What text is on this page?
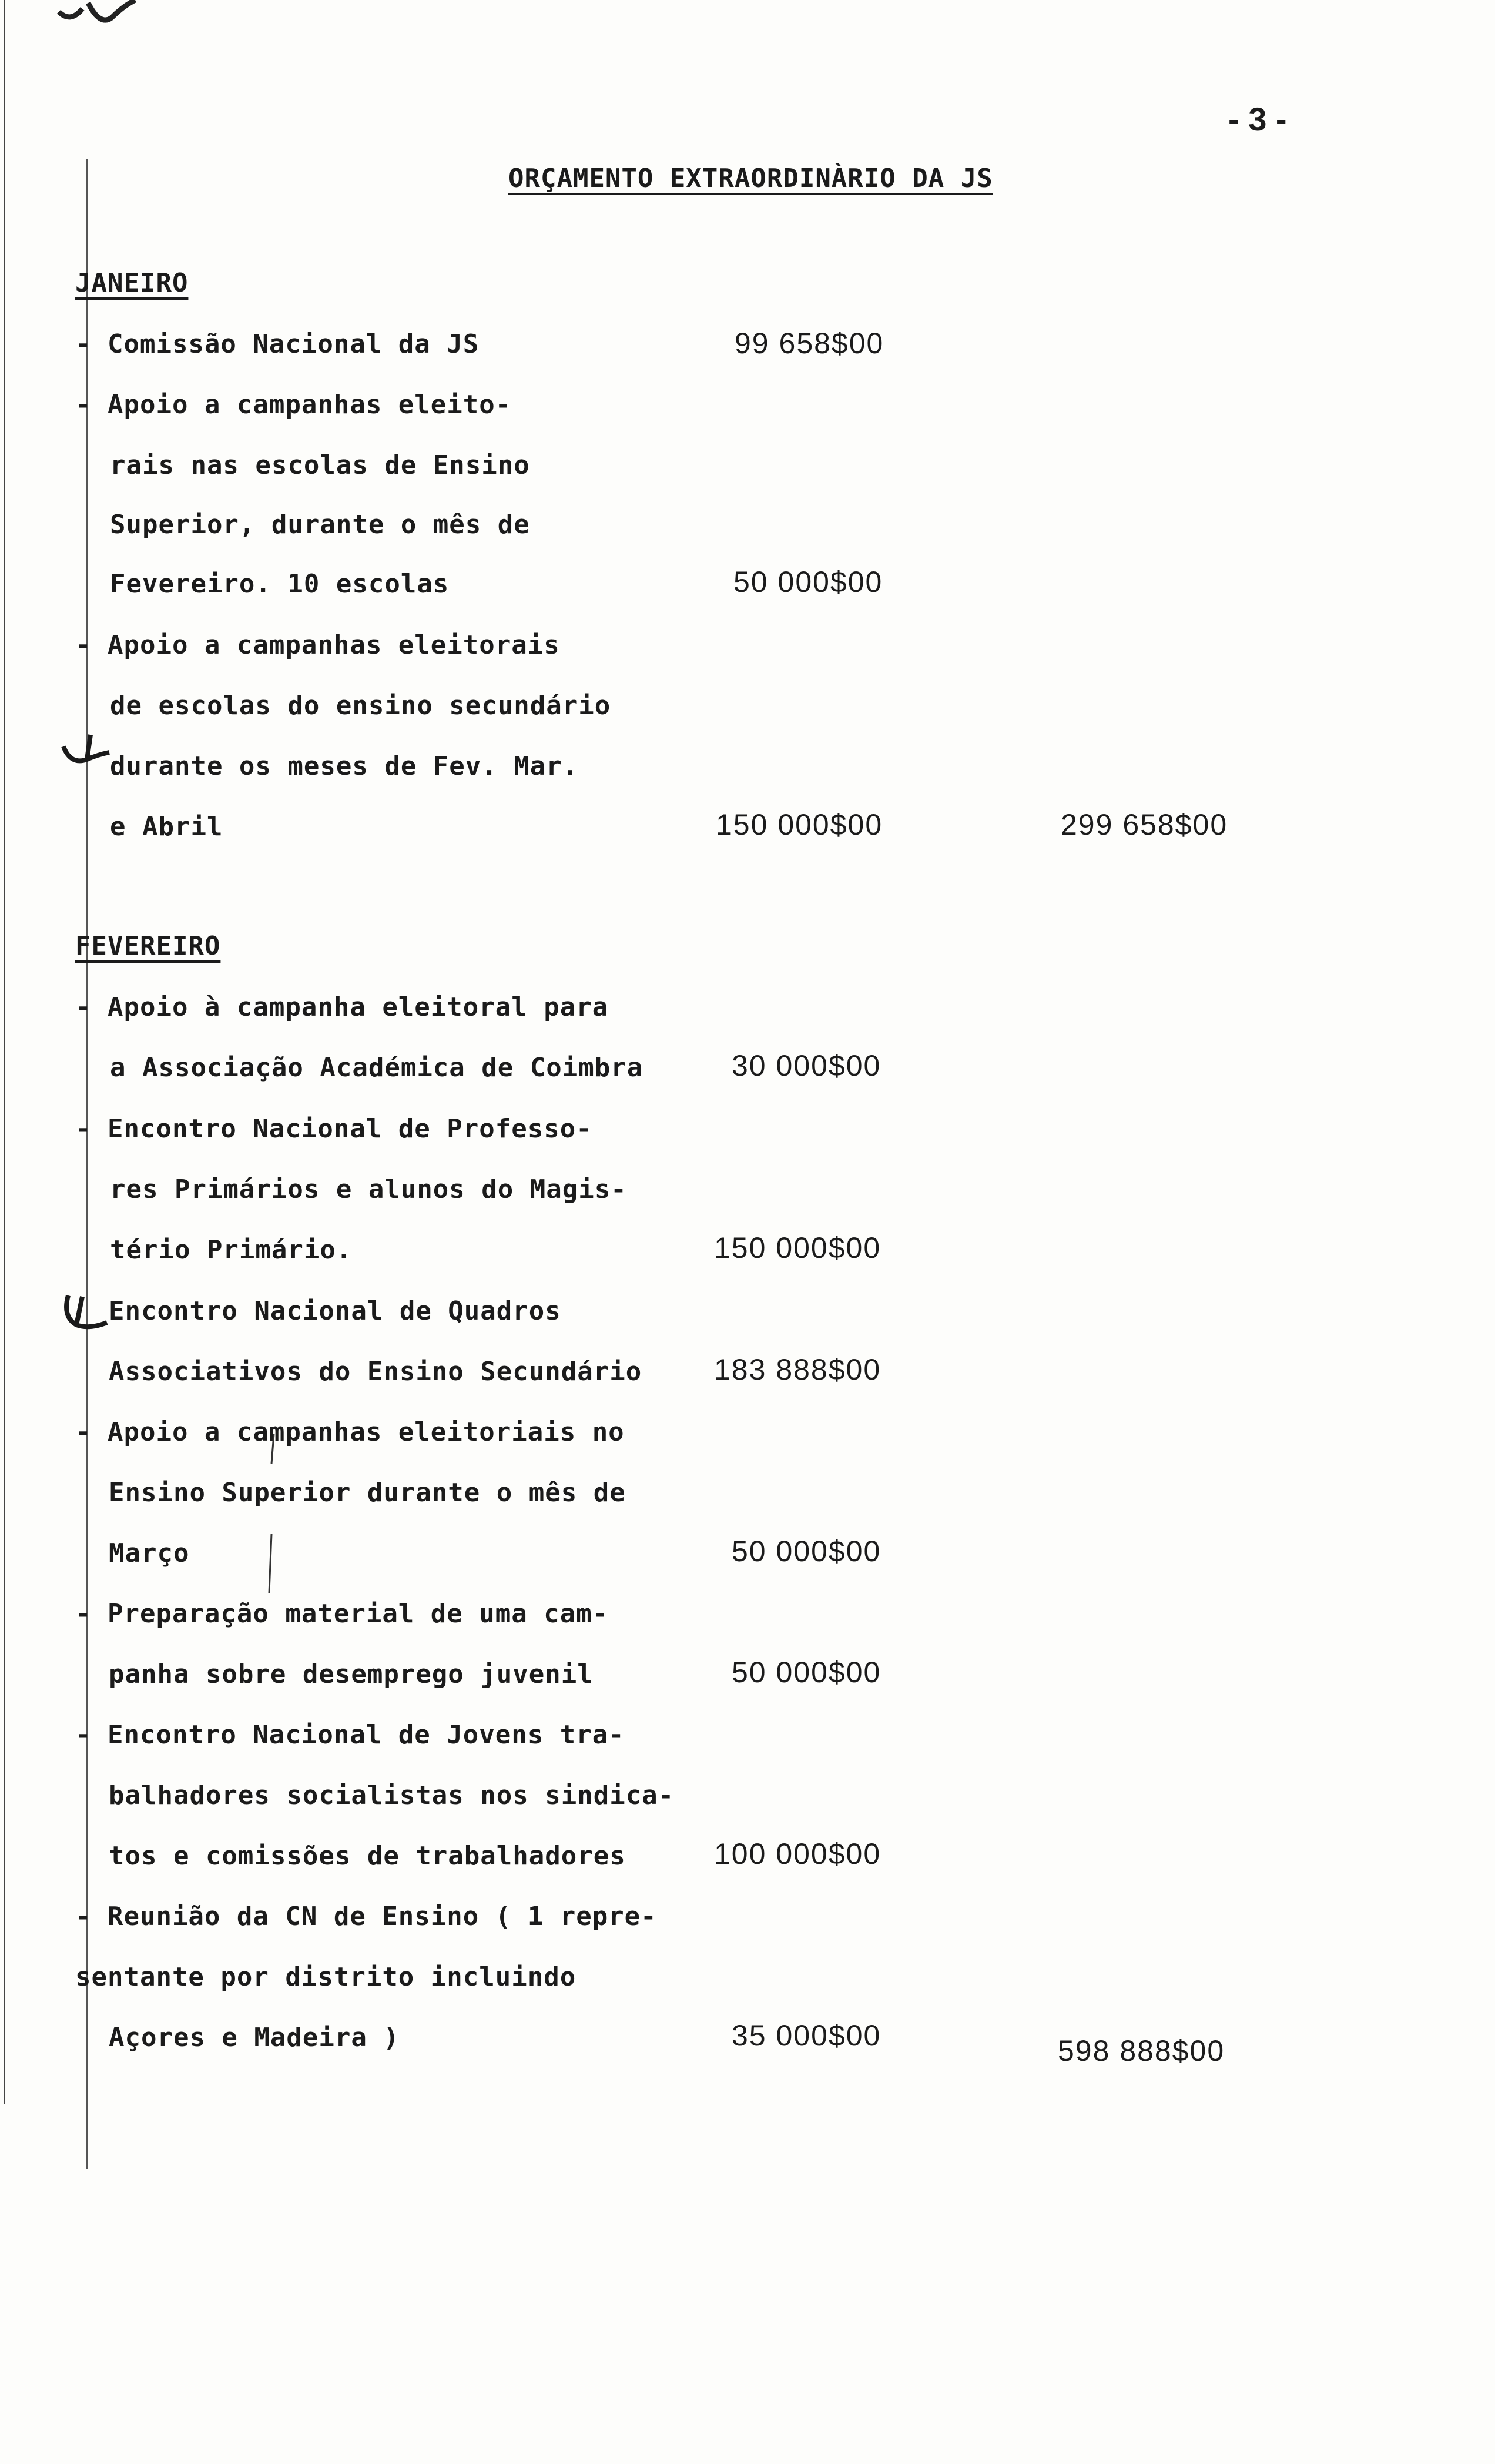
- 3 -
ORÇAMENTO EXTRAORDINÀRIO DA JS
JANEIRO
- Comissão Nacional da JS	99 658$00
- Apoio a campanhas eleito-
rais nas escolas de Ensino
Superior, durante o mês de
Fevereiro. 10 escolas	50 000$00
- Apoio a campanhas eleitorais
de escolas do ensino secundário
durante os meses de Fev. Mar.
e Abril	150 000$00	299 658$00
FEVEREIRO
- Apoio à campanha eleitoral para
a Associação Académica de Coimbra	30 000$00
- Encontro Nacional de Professo-
res Primários e alunos do Magis-
tério Primário.	150 000$00
Encontro Nacional de Quadros
Associativos do Ensino Secundário 183 888$00
- Apoio a campanhas eleitoriais no
Ensino Superior durante o mês de
Março	50 000$00
- Preparação material de uma cam-
panha sobre desemprego juvenil	50 000$00
- Encontro Nacional de Jovens tra-
balhadores socialistas nos sindica-
tos e comissões de trabalhadores	100 000$00
- Reunião da CN de Ensino ( 1 repre-
sentante por distrito incluindo
Açores e Madeira )	35 000$00	598 888$00
